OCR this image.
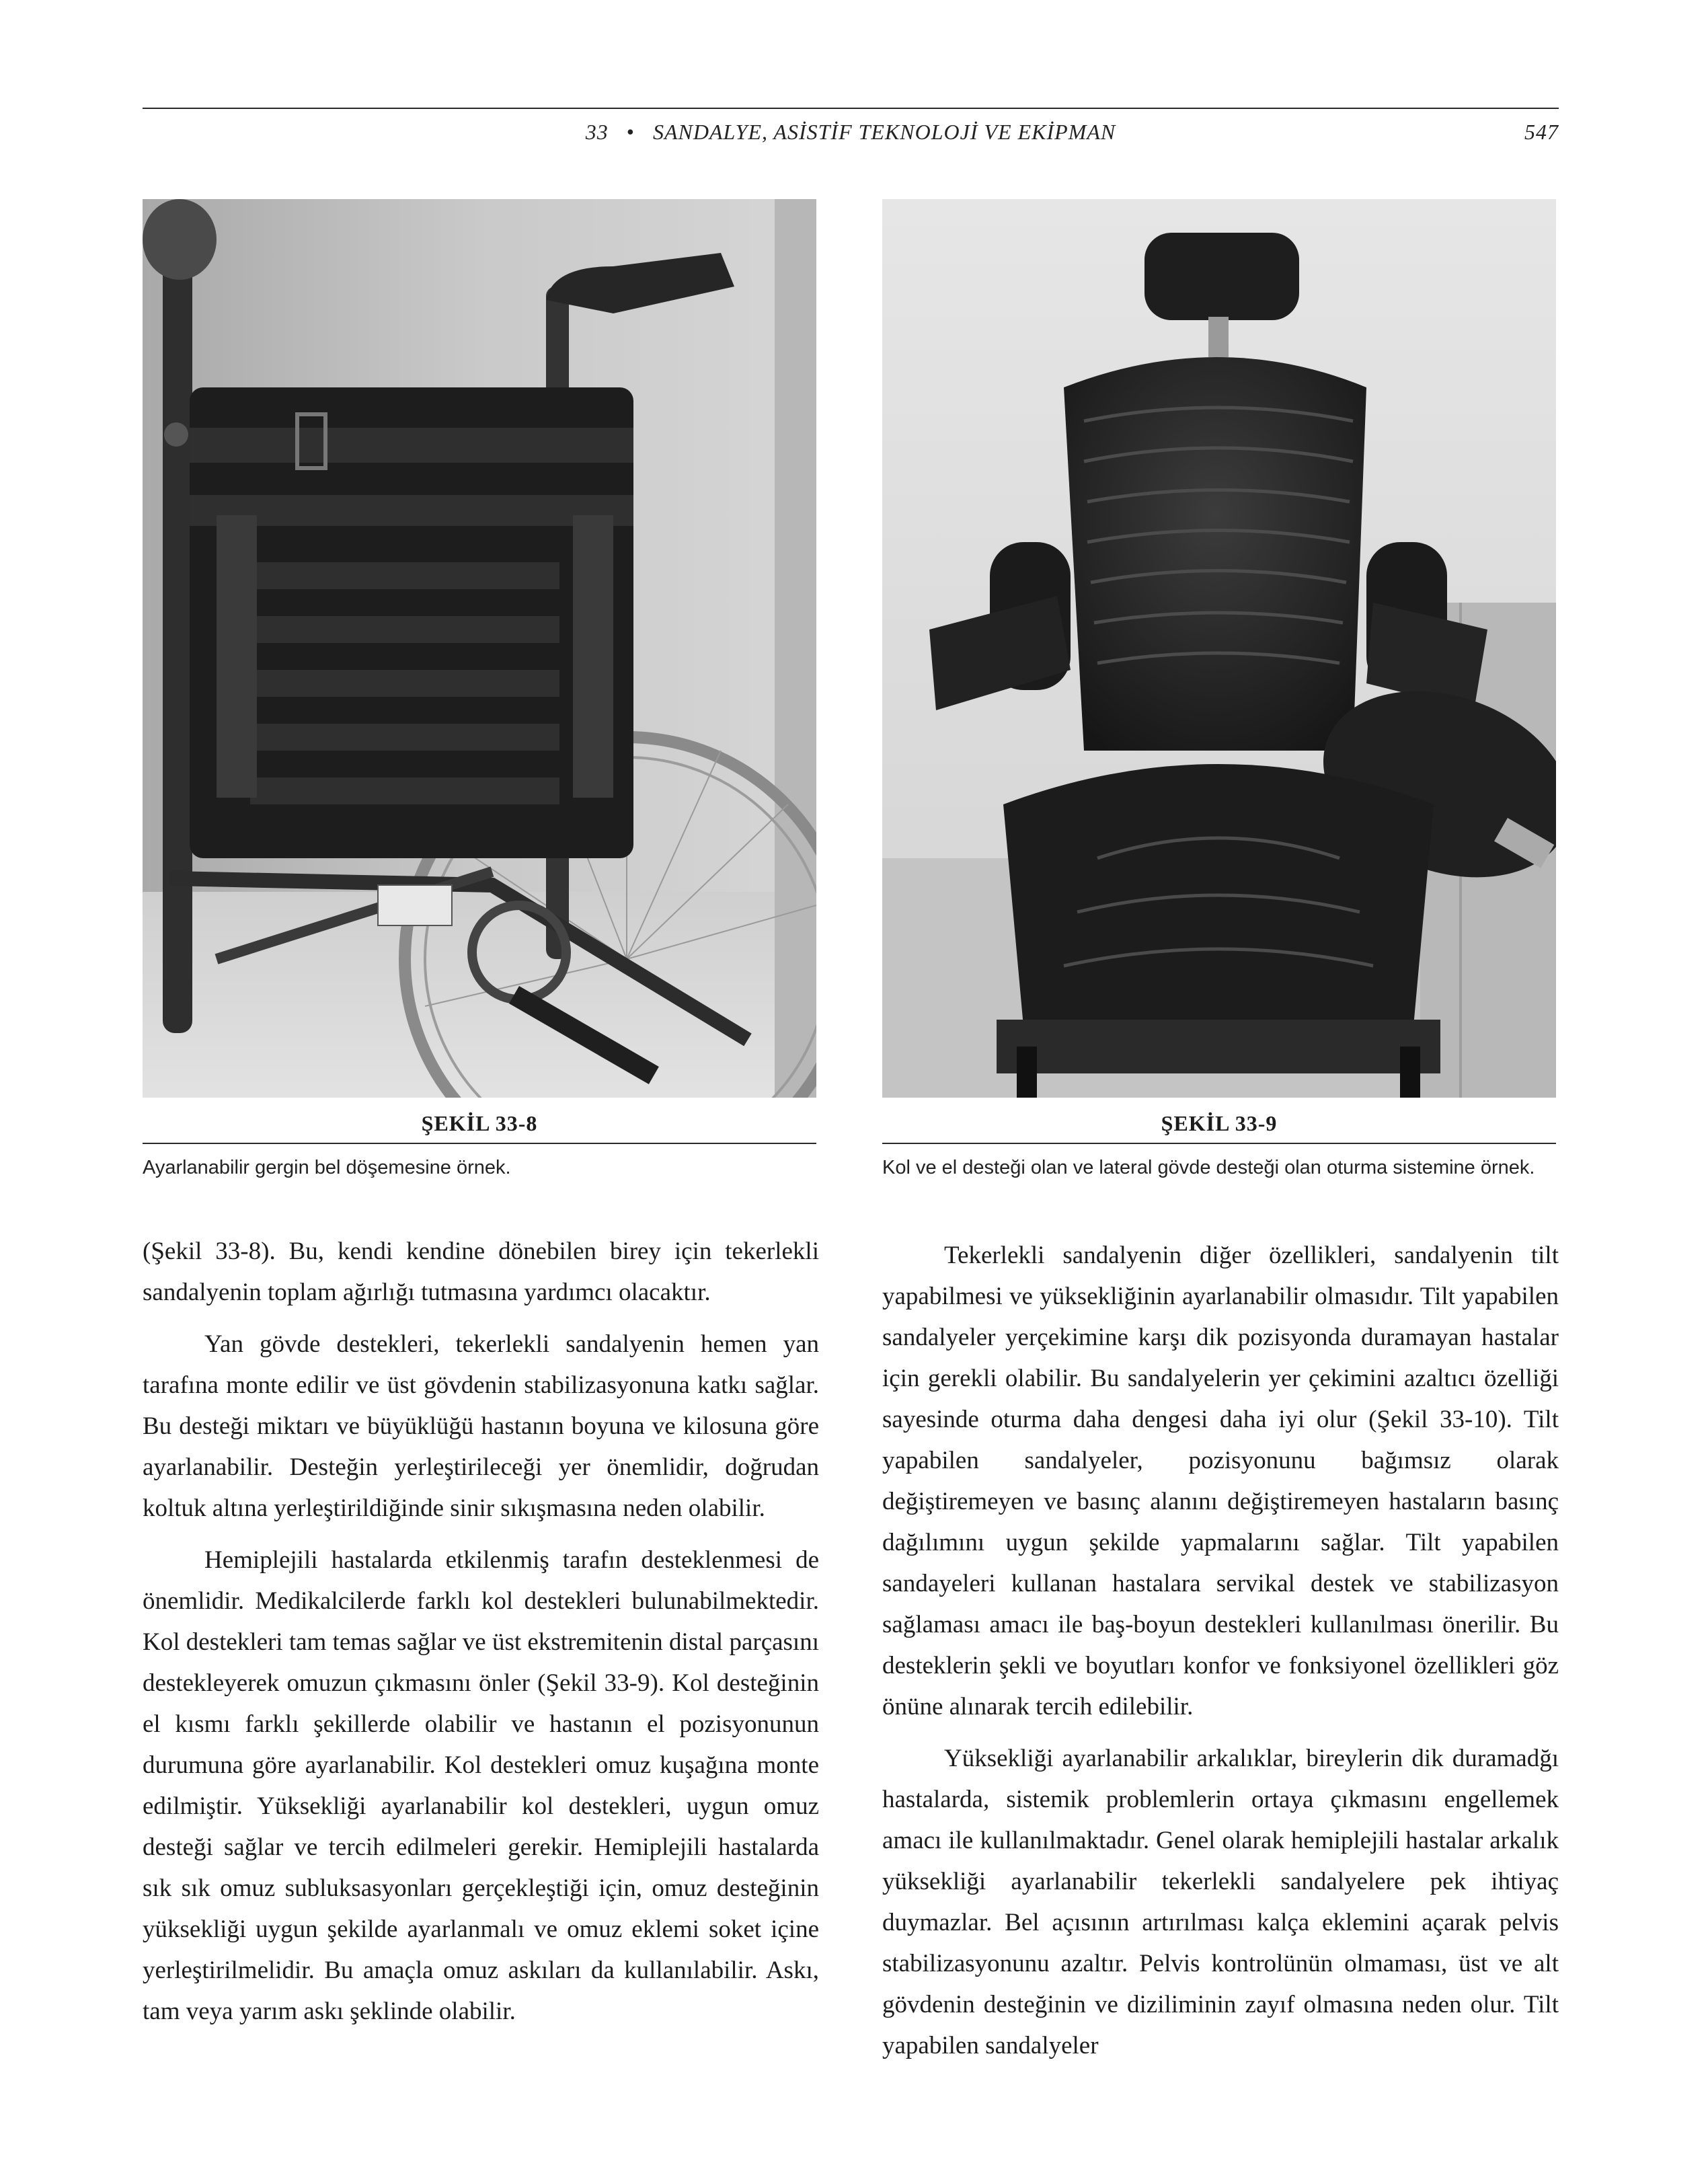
33 • SANDALYE, ASİSTİF TEKNOLOJİ VE EKİPMAN	547
ŞEKİL 33-8
Ayarlanabilir gergin bel döşemesine örnek.
ŞEKİL 33-9
Kol ve el desteği olan ve lateral gövde desteği olan oturma sistemine örnek.

(Şekil 33-8). Bu, kendi kendine dönebilen birey için tekerlekli sandalyenin toplam ağırlığı tutmasına yardımcı olacaktır.

Yan gövde destekleri, tekerlekli sandalyenin hemen yan tarafına monte edilir ve üst gövdenin stabilizasyonuna katkı sağlar. Bu desteği miktarı ve büyüklüğü hastanın boyuna ve kilosuna göre ayarlanabilir. Desteğin yerleştirileceği yer önemlidir, doğrudan koltuk altına yerleştirildiğinde sinir sıkışmasına neden olabilir.

Hemiplejili hastalarda etkilenmiş tarafın desteklenmesi de önemlidir. Medikalcilerde farklı kol destekleri bulunabilmektedir. Kol destekleri tam temas sağlar ve üst ekstremitenin distal parçasını destekleyerek omuzun çıkmasını önler (Şekil 33-9). Kol desteğinin el kısmı farklı şekillerde olabilir ve hastanın el pozisyonunun durumuna göre ayarlanabilir. Kol destekleri omuz kuşağına monte edilmiştir. Yüksekliği ayarlanabilir kol destekleri, uygun omuz desteği sağlar ve tercih edilmeleri gerekir. Hemiplejili hastalarda sık sık omuz subluksasyonları gerçekleştiği için, omuz desteğinin yüksekliği uygun şekilde ayarlanmalı ve omuz eklemi soket içine yerleştirilmelidir. Bu amaçla omuz askıları da kullanılabilir. Askı, tam veya yarım askı şeklinde olabilir.

Tekerlekli sandalyenin diğer özellikleri, sandalyenin tilt yapabilmesi ve yüksekliğinin ayarlanabilir olmasıdır. Tilt yapabilen sandalyeler yerçekimine karşı dik pozisyonda duramayan hastalar için gerekli olabilir. Bu sandalyelerin yer çekimini azaltıcı özelliği sayesinde oturma daha dengesi daha iyi olur (Şekil 33-10). Tilt yapabilen sandalyeler, pozisyonunu bağımsız olarak değiştiremeyen ve basınç alanını değiştiremeyen hastaların basınç dağılımını uygun şekilde yapmalarını sağlar. Tilt yapabilen sandayeleri kullanan hastalara servikal destek ve stabilizasyon sağlaması amacı ile baş-boyun destekleri kullanılması önerilir. Bu desteklerin şekli ve boyutları konfor ve fonksiyonel özellikleri göz önüne alınarak tercih edilebilir.

Yüksekliği ayarlanabilir arkalıklar, bireylerin dik duramadğı hastalarda, sistemik problemlerin ortaya çıkmasını engellemek amacı ile kullanılmaktadır. Genel olarak hemiplejili hastalar arkalık yüksekliği ayarlanabilir tekerlekli sandalyelere pek ihtiyaç duymazlar. Bel açısının artırılması kalça eklemini açarak pelvis stabilizasyonunu azaltır. Pelvis kontrolünün olmaması, üst ve alt gövdenin desteğinin ve diziliminin zayıf olmasına neden olur. Tilt yapabilen sandalyeler
